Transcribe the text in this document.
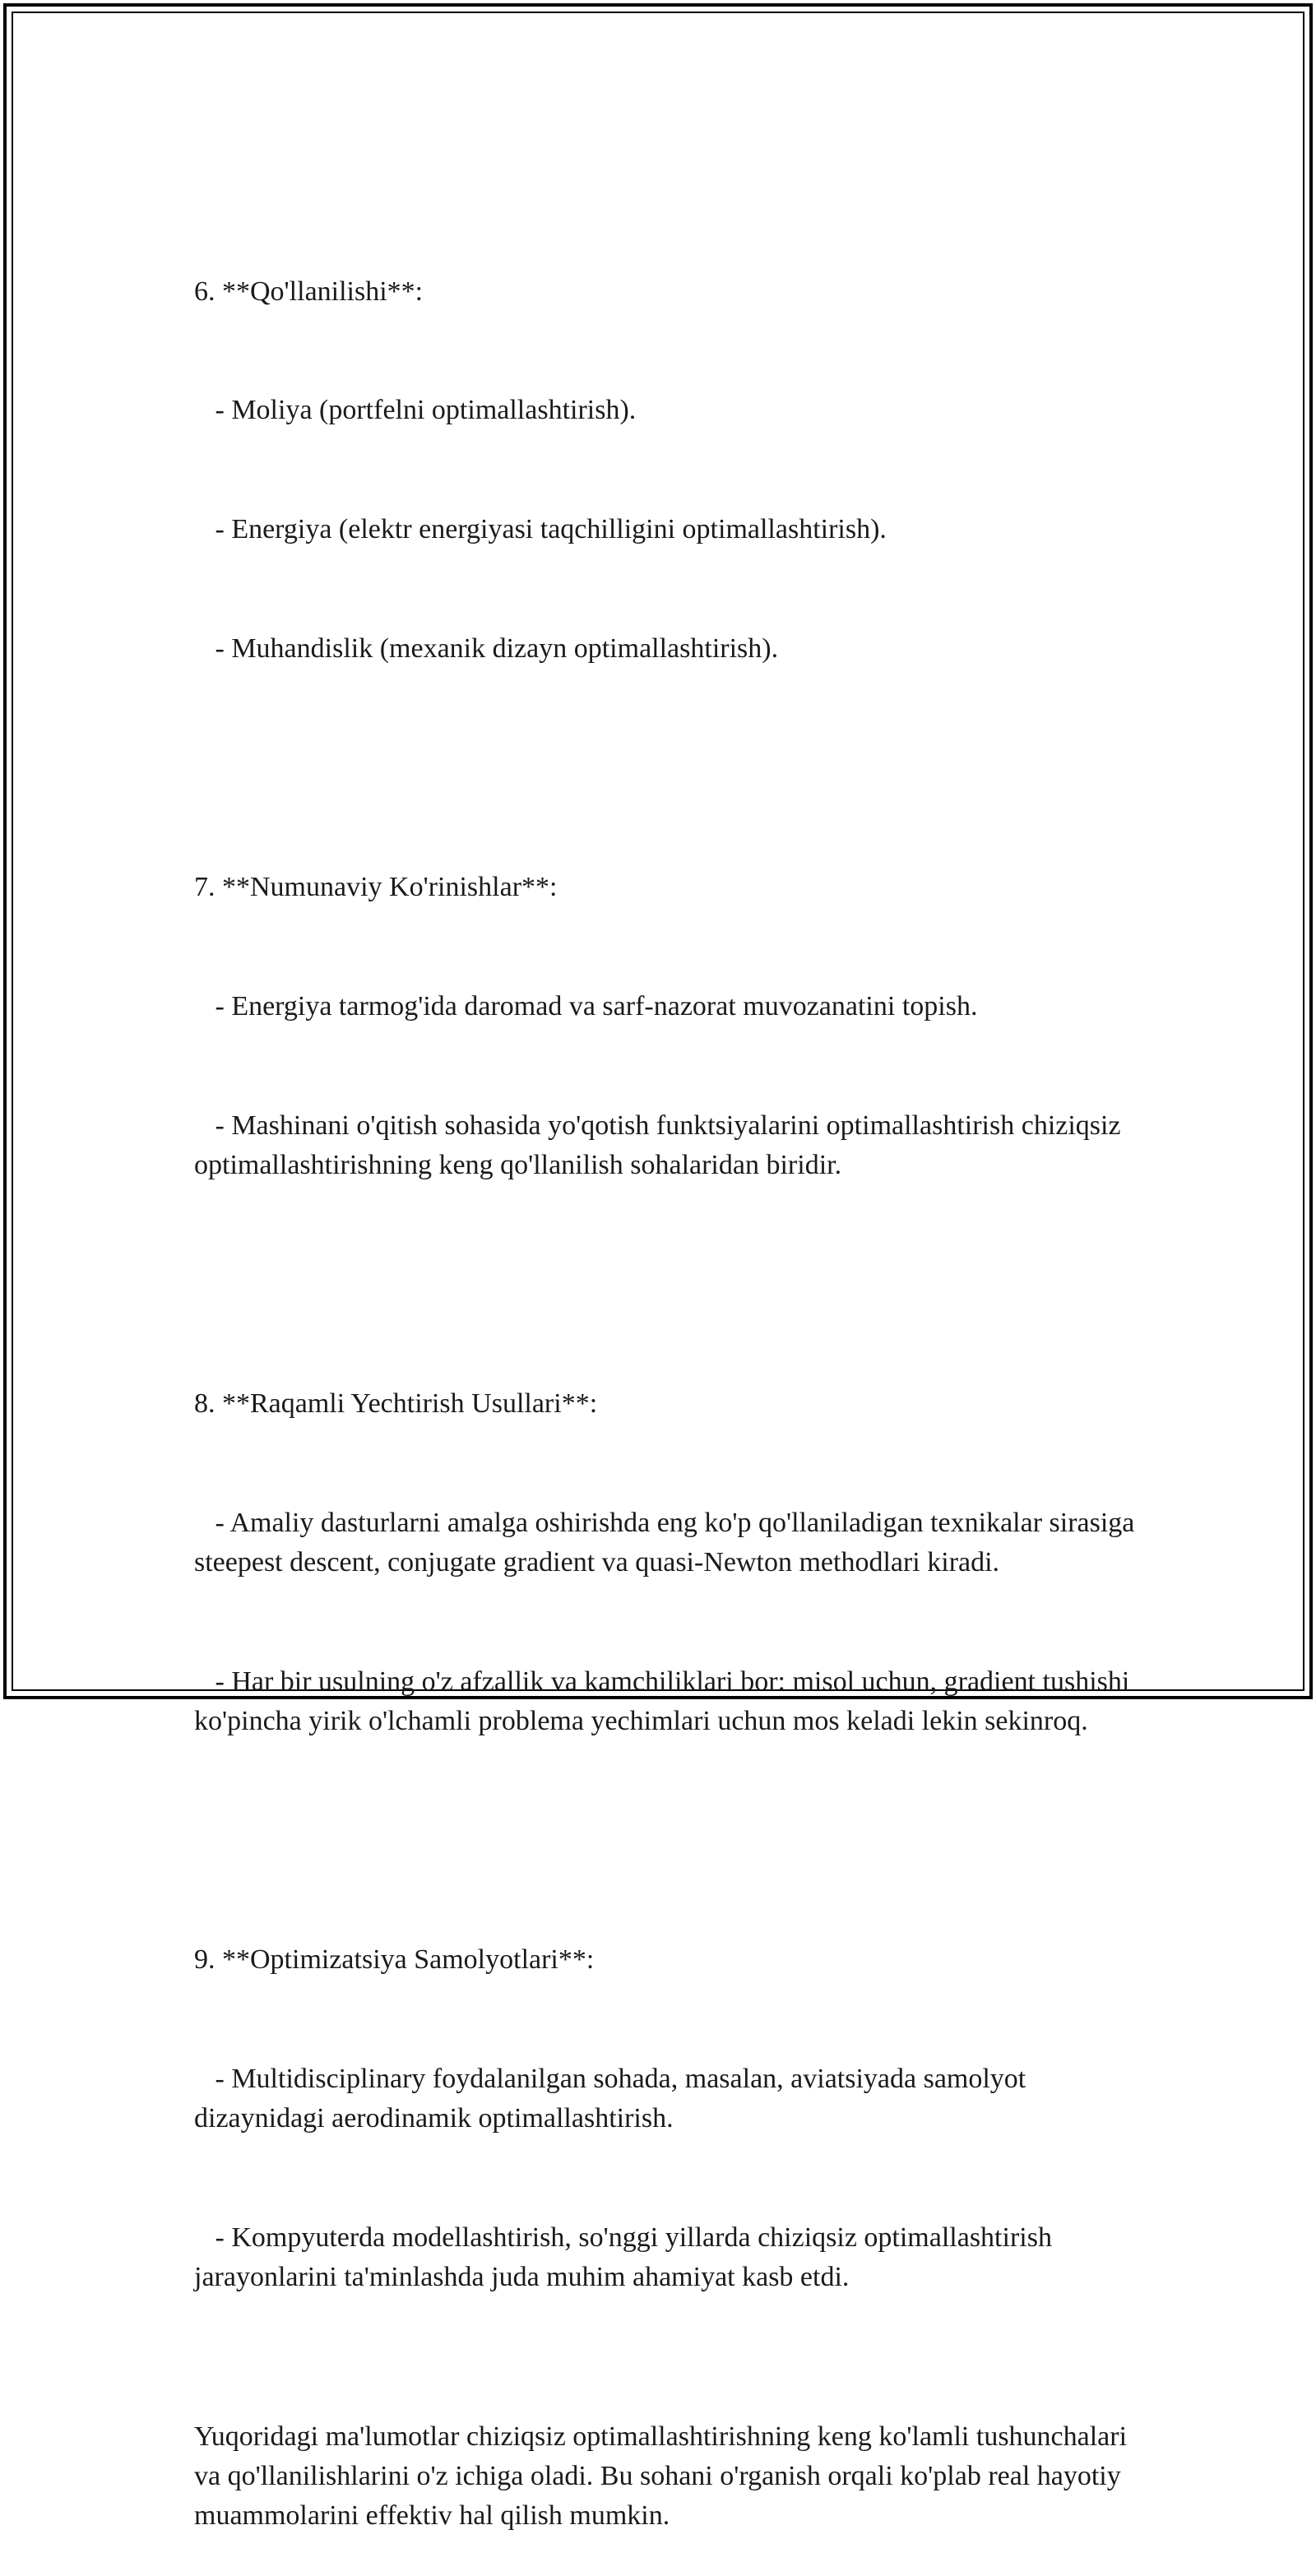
6. **Qo'llanilishi**:

- Moliya (portfelni optimallashtirish).

- Energiya (elektr energiyasi taqchilligini optimallashtirish).

- Muhandislik (mexanik dizayn optimallashtirish).

7. **Numunaviy Ko'rinishlar**:

- Energiya tarmog'ida daromad va sarf-nazorat muvozanatini topish.

- Mashinani o'qitish sohasida yo'qotish funktsiyalarini optimallashtirish chiziqsiz optimallashtirishning keng qo'llanilish sohalaridan biridir.

8. **Raqamli Yechtirish Usullari**:

- Amaliy dasturlarni amalga oshirishda eng ko'p qo'llaniladigan texnikalar sirasiga steepest descent, conjugate gradient va quasi-Newton methodlari kiradi.

- Har bir usulning o'z afzallik va kamchiliklari bor: misol uchun, gradient tushishi ko'pincha yirik o'lchamli problema yechimlari uchun mos keladi lekin sekinroq.

9. **Optimizatsiya Samolyotlari**:

- Multidisciplinary foydalanilgan sohada, masalan, aviatsiyada samolyot dizaynidagi aerodinamik optimallashtirish.

- Kompyuterda modellashtirish, so'nggi yillarda chiziqsiz optimallashtirish jarayonlarini ta'minlashda juda muhim ahamiyat kasb etdi.

Yuqoridagi ma'lumotlar chiziqsiz optimallashtirishning keng ko'lamli tushunchalari va qo'llanilishlarini o'z ichiga oladi. Bu sohani o'rganish orqali ko'plab real hayotiy muammolarini effektiv hal qilish mumkin.
